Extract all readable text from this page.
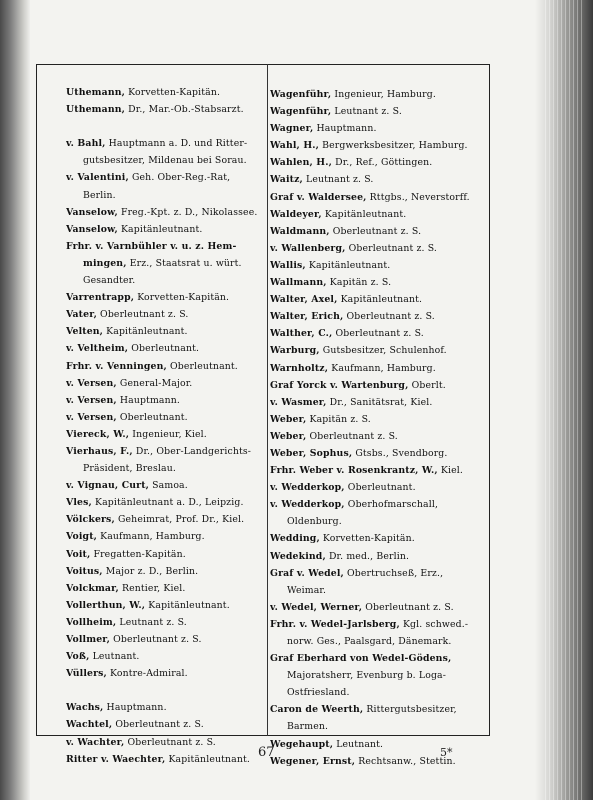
Uthemann, Korvetten-Kapitän.
Uthemann, Dr., Mar.-Ob.-Stabsarzt.
v. Bahl, Hauptmann a. D. und Ritter-
gutsbesitzer, Mildenau bei Sorau.
v. Valentini, Geh. Ober-Reg.-Rat,
Berlin.
Vanselow, Freg.-Kpt. z. D., Nikolassee.
Vanselow, Kapitänleutnant.
Frhr. v. Varnbühler v. u. z. Hem-
mingen, Erz., Staatsrat u. würt.
Gesandter.
Varrentrapp, Korvetten-Kapitän.
Vater, Oberleutnant z. S.
Velten, Kapitänleutnant.
v. Veltheim, Oberleutnant.
Frhr. v. Venningen, Oberleutnant.
v. Versen, General-Major.
v. Versen, Hauptmann.
v. Versen, Oberleutnant.
Viereck, W., Ingenieur, Kiel.
Vierhaus, F., Dr., Ober-Landgerichts-
Präsident, Breslau.
v. Vignau, Curt, Samoa.
Vles, Kapitänleutnant a. D., Leipzig.
Völckers, Geheimrat, Prof. Dr., Kiel.
Voigt, Kaufmann, Hamburg.
Voit, Fregatten-Kapitän.
Voitus, Major z. D., Berlin.
Volckmar, Rentier, Kiel.
Vollerthun, W., Kapitänleutnant.
Vollheim, Leutnant z. S.
Vollmer, Oberleutnant z. S.
Voß, Leutnant.
Vüllers, Kontre-Admiral.
Wachs, Hauptmann.
Wachtel, Oberleutnant z. S.
v. Wachter, Oberleutnant z. S.
Ritter v. Waechter, Kapitänleutnant.
Wagenführ, Ingenieur, Hamburg.
Wagenführ, Leutnant z. S.
Wagner, Hauptmann.
Wahl, H., Bergwerksbesitzer, Hamburg.
Wahlen, H., Dr., Ref., Göttingen.
Waitz, Leutnant z. S.
Graf v. Waldersee, Rttgbs., Neverstorff.
Waldeyer, Kapitänleutnant.
Waldmann, Oberleutnant z. S.
v. Wallenberg, Oberleutnant z. S.
Wallis, Kapitänleutnant.
Wallmann, Kapitän z. S.
Walter, Axel, Kapitänleutnant.
Walter, Erich, Oberleutnant z. S.
Walther, C., Oberleutnant z. S.
Warburg, Gutsbesitzer, Schulenhof.
Warnholtz, Kaufmann, Hamburg.
Graf Yorck v. Wartenburg, Oberlt.
v. Wasmer, Dr., Sanitätsrat, Kiel.
Weber, Kapitän z. S.
Weber, Oberleutnant z. S.
Weber, Sophus, Gtsbs., Svendborg.
Frhr. Weber v. Rosenkrantz, W., Kiel.
v. Wedderkop, Oberleutnant.
v. Wedderkop, Oberhofmarschall,
Oldenburg.
Wedding, Korvetten-Kapitän.
Wedekind, Dr. med., Berlin.
Graf v. Wedel, Obertruchseß, Erz.,
Weimar.
v. Wedel, Werner, Oberleutnant z. S.
Frhr. v. Wedel-Jarlsberg, Kgl. schwed.-
norw. Ges., Paalsgard, Dänemark.
Graf Eberhard von Wedel-Gödens,
Majoratsherr, Evenburg b. Loga-
Ostfriesland.
Caron de Weerth, Rittergutsbesitzer,
Barmen.
Wegehaupt, Leutnant.
Wegener, Ernst, Rechtsanw., Stettin.
67	5*
